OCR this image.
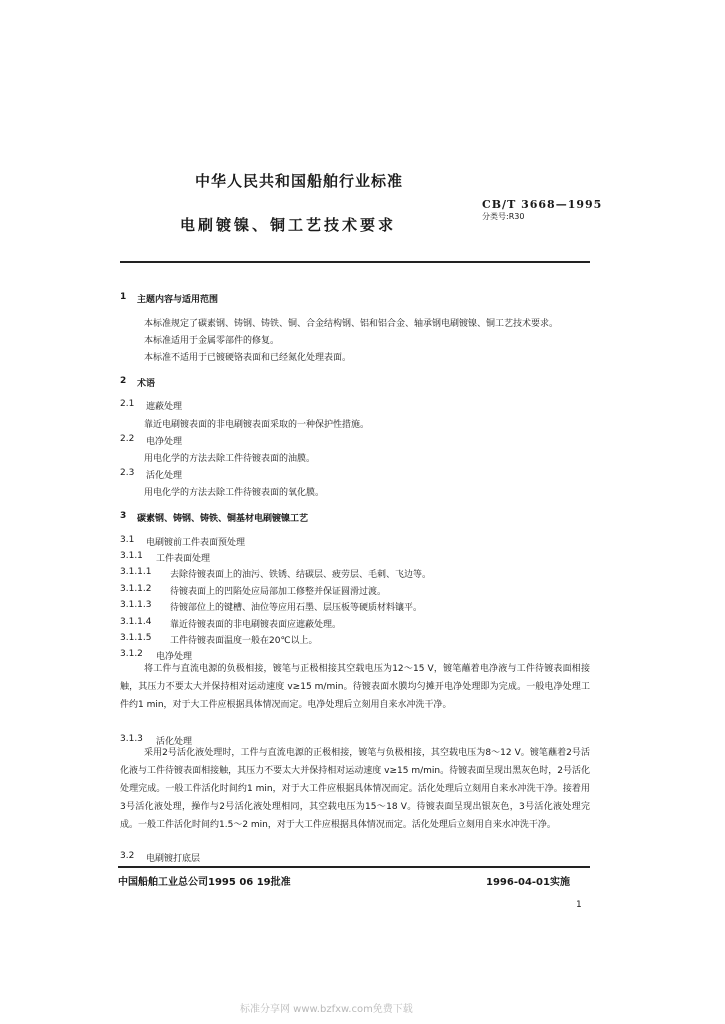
中华人民共和国船舶行业标准
电刷镀镍、铜工艺技术要求
CB/T 3668—1995
分类号:R30
1 主题内容与适用范围
本标准规定了碳素钢、铸钢、铸铁、铜、合金结构钢、铝和铝合金、轴承钢电刷镀镍、铜工艺技术要求。
本标准适用于金属零部件的修复。
本标准不适用于已镀硬铬表面和已经氮化处理表面。
2 术语
2.1 遮蔽处理
靠近电刷镀表面的非电刷镀表面采取的一种保护性措施。
2.2 电净处理
用电化学的方法去除工件待镀表面的油膜。
2.3 活化处理
用电化学的方法去除工件待镀表面的氧化膜。
3 碳素钢、铸钢、铸铁、铜基材电刷镀镍工艺
3.1 电刷镀前工件表面预处理
3.1.1 工件表面处理
3.1.1.1 去除待镀表面上的油污、铁锈、结碳层、疲劳层、毛刺、飞边等。
3.1.1.2 待镀表面上的凹陷处应局部加工修整并保证圆滑过渡。
3.1.1.3 待镀部位上的键槽、油位等应用石墨、层压板等硬质材料镶平。
3.1.1.4 靠近待镀表面的非电刷镀表面应遮蔽处理。
3.1.1.5 工件待镀表面温度一般在20℃以上。
3.1.2 电净处理
将工件与直流电源的负极相接，镀笔与正极相接其空载电压为12～15 V，镀笔蘸着电净液与工件待镀表面相接触，其压力不要太大并保持相对运动速度 v≥15 m/min。待镀表面水膜均匀摊开电净处理即为完成。一般电净处理工件约1 min，对于大工件应根据具体情况而定。电净处理后立刻用自来水冲洗干净。
3.1.3 活化处理
采用2号活化液处理时，工件与直流电源的正极相接，镀笔与负极相接，其空载电压为8～12 V。镀笔蘸着2号活化液与工件待镀表面相接触，其压力不要太大并保持相对运动速度 v≥15 m/min。待镀表面呈现出黑灰色时，2号活化处理完成。一般工件活化时间约1 min，对于大工件应根据具体情况而定。活化处理后立刻用自来水冲洗干净。接着用3号活化液处理，操作与2号活化液处理相同，其空载电压为15～18 V。待镀表面呈现出银灰色，3号活化液处理完成。一般工件活化时间约1.5～2 min，对于大工件应根据具体情况而定。活化处理后立刻用自来水冲洗干净。
3.2 电刷镀打底层
中国船舶工业总公司1995 06 19批准	1996-04-01实施
1
标准分享网 www.bzfxw.com免费下载
